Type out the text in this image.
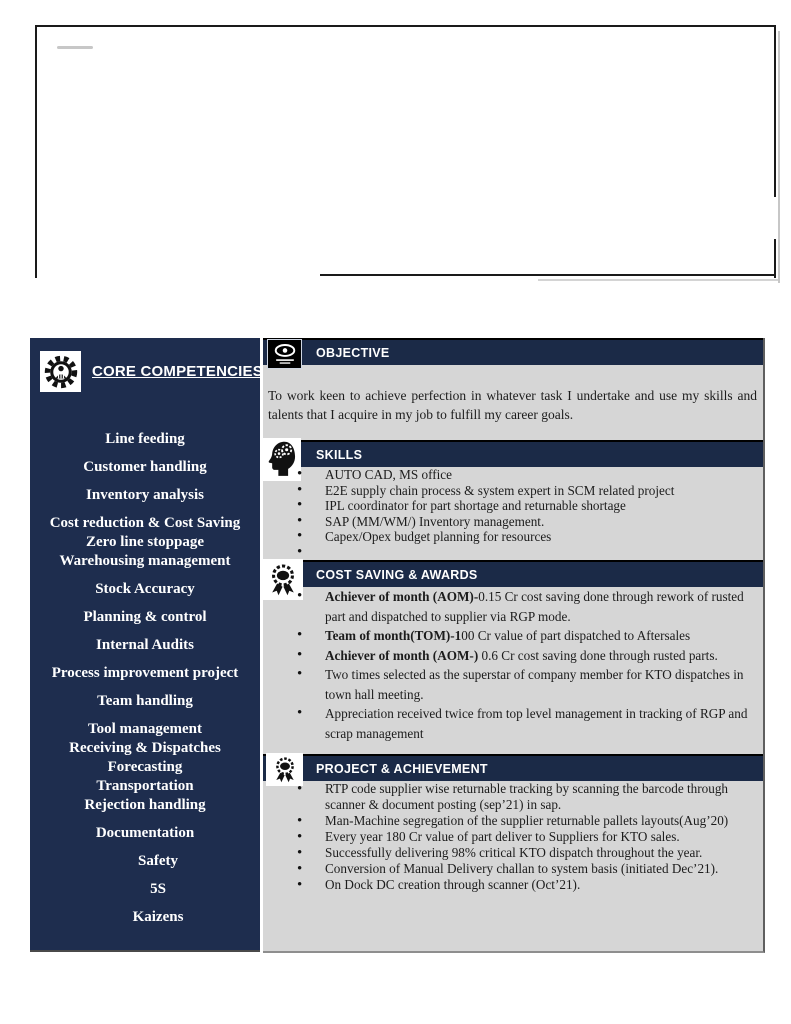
CORE COMPETENCIES
Line feeding
Customer handling
Inventory analysis
Cost reduction & Cost Saving
Zero line stoppage
Warehousing management
Stock Accuracy
Planning & control
Internal Audits
Process improvement project
Team handling
Tool management
Receiving & Dispatches
Forecasting
Transportation
Rejection handling
Documentation
Safety
5S
Kaizens
OBJECTIVE

To work keen to achieve perfection in whatever task I undertake and use my skills and talents that I acquire in my job to fulfill my career goals.

SKILLS
• AUTO CAD, MS office
• E2E supply chain process & system expert in SCM related project
• IPL coordinator for part shortage and returnable shortage
• SAP (MM/WM/) Inventory management.
• Capex/Opex budget planning for resources
•
COST SAVING & AWARDS
• Achiever of month (AOM)-0.15 Cr cost saving done through rework of rusted part and dispatched to supplier via RGP mode.
• Team of month(TOM)-100 Cr value of part dispatched to Aftersales
• Achiever of month (AOM-) 0.6 Cr cost saving done through rusted parts.
• Two times selected as the superstar of company member for KTO dispatches in town hall meeting.
• Appreciation received twice from top level management in tracking of RGP and scrap management
PROJECT & ACHIEVEMENT
• RTP code supplier wise returnable tracking by scanning the barcode through scanner & document posting (sep’21) in sap.
• Man-Machine segregation of the supplier returnable pallets layouts(Aug’20)
• Every year 180 Cr value of part deliver to Suppliers for KTO sales.
• Successfully delivering 98% critical KTO dispatch throughout the year.
• Conversion of Manual Delivery challan to system basis (initiated Dec’21).
• On Dock DC creation through scanner (Oct’21).
